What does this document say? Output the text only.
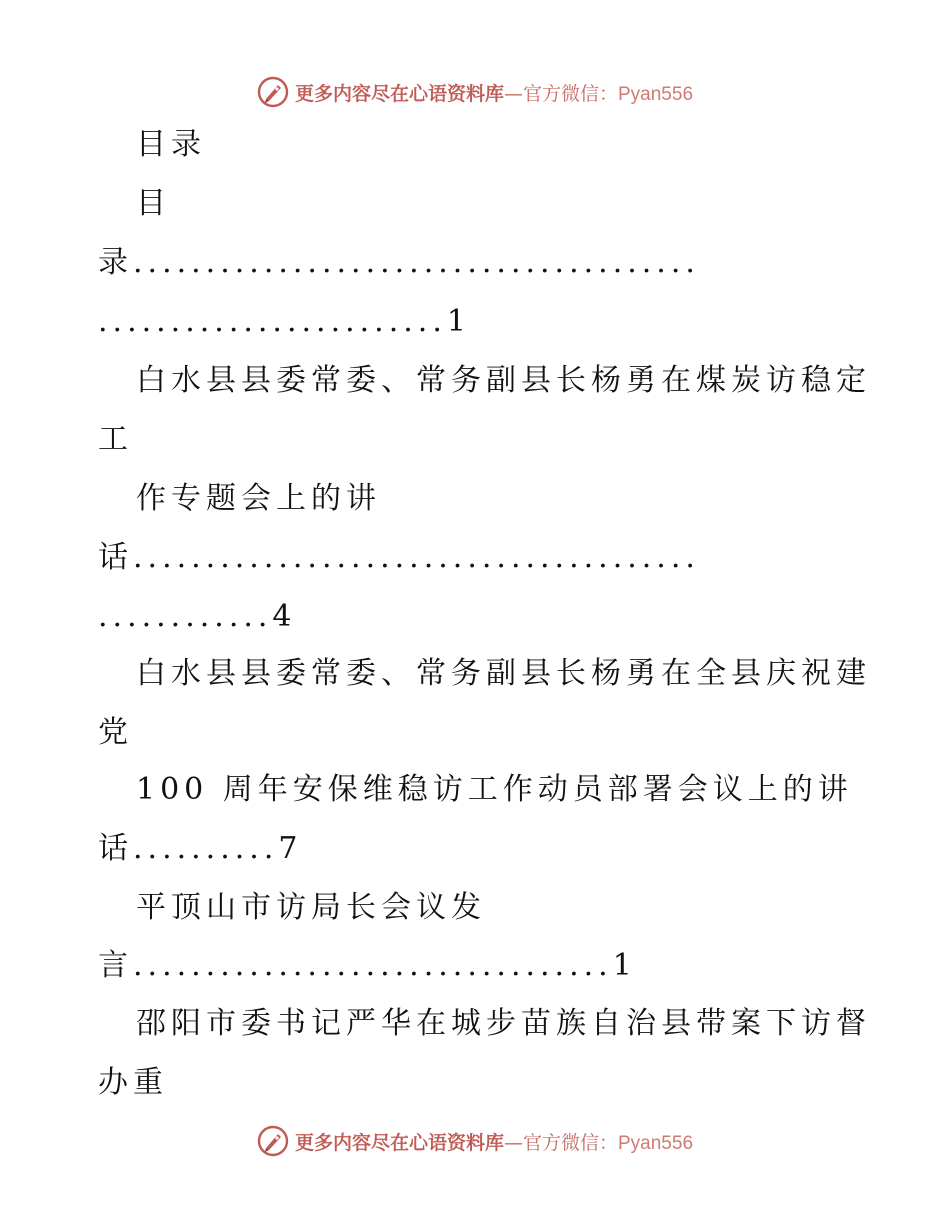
更多内容尽在心语资料库—官方微信：Pyan556
目录
目
录.......................................
........................1
白水县县委常委、常务副县长杨勇在煤炭访稳定
工
作专题会上的讲
话.......................................
............4
白水县县委常委、常务副县长杨勇在全县庆祝建
党
100 周年安保维稳访工作动员部署会议上的讲
话..........7
平顶山市访局长会议发
言.................................1
邵阳市委书记严华在城步苗族自治县带案下访督
办重
更多内容尽在心语资料库—官方微信：Pyan556
